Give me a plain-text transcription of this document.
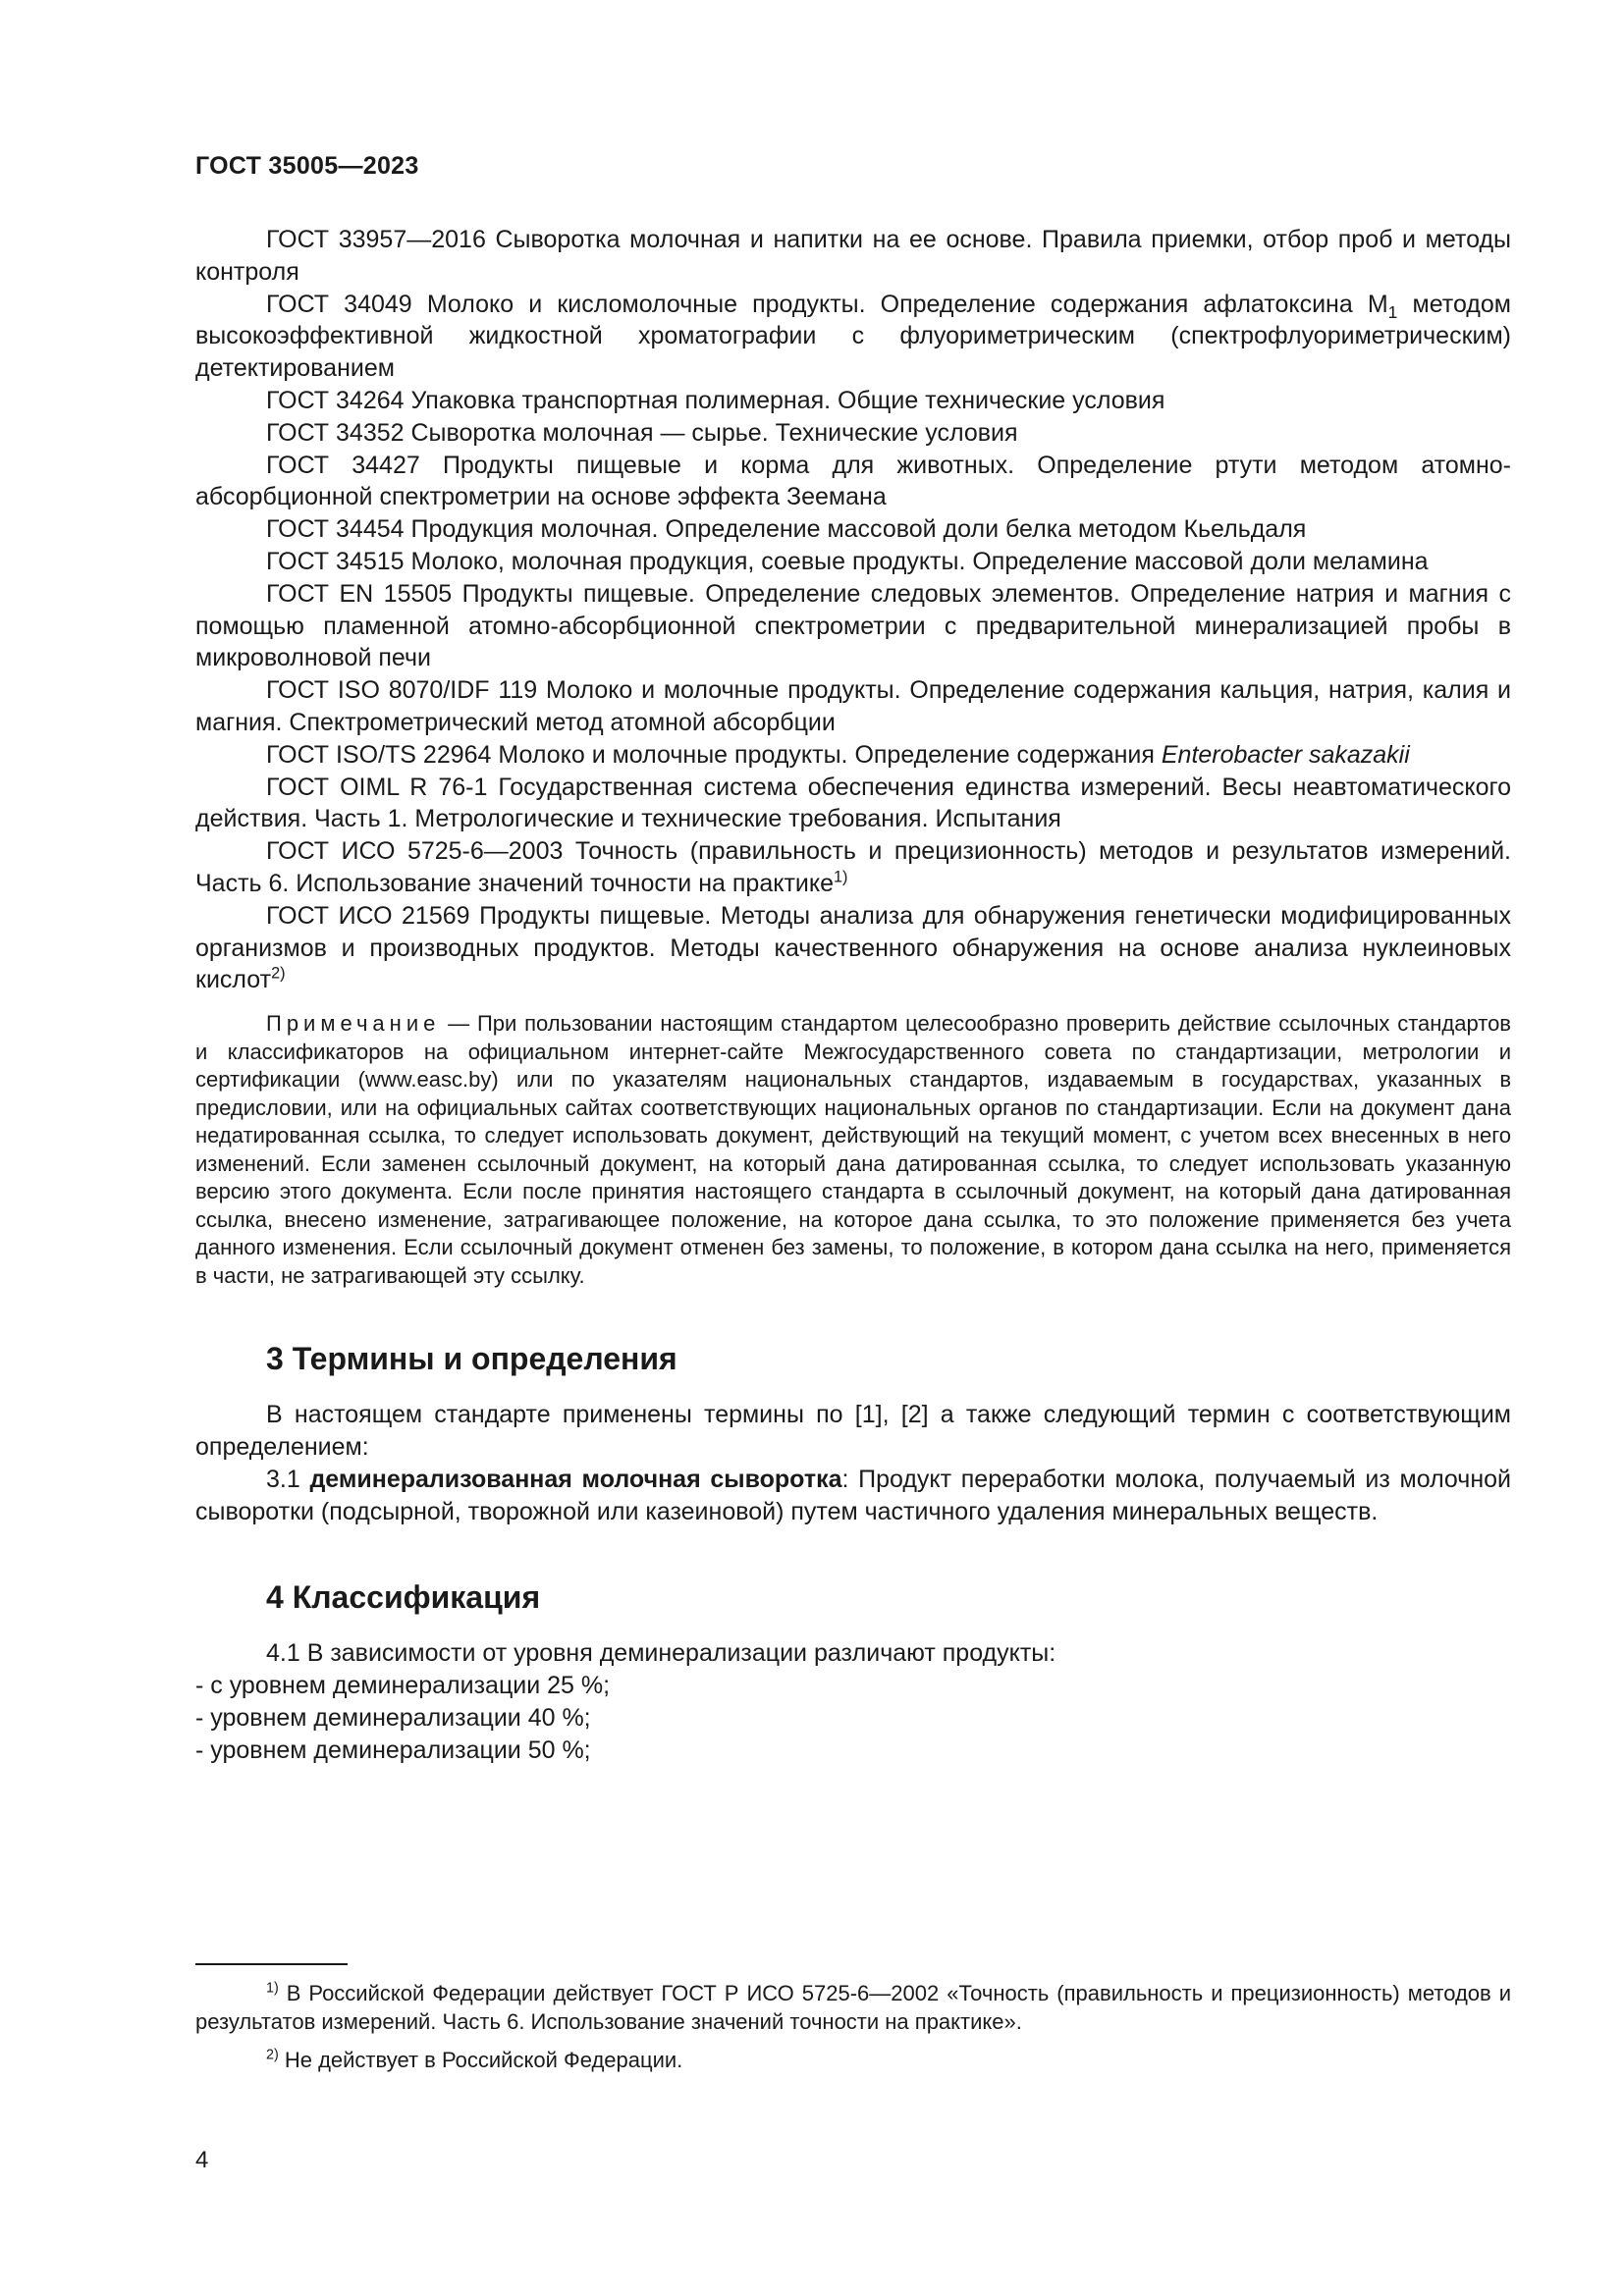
ГОСТ 35005—2023

ГОСТ 33957—2016 Сыворотка молочная и напитки на ее основе. Правила приемки, отбор проб и методы контроля

ГОСТ 34049 Молоко и кисломолочные продукты. Определение содержания афлатоксина $M_1$ методом высокоэффективной жидкостной хроматографии с флуориметрическим (спектрофлуориметрическим) детектированием

ГОСТ 34264 Упаковка транспортная полимерная. Общие технические условия

ГОСТ 34352 Сыворотка молочная — сырье. Технические условия

ГОСТ 34427 Продукты пищевые и корма для животных. Определение ртути методом атомно-абсорбционной спектрометрии на основе эффекта Зеемана

ГОСТ 34454 Продукция молочная. Определение массовой доли белка методом Кьельдаля

ГОСТ 34515 Молоко, молочная продукция, соевые продукты. Определение массовой доли меламина

ГОСТ EN 15505 Продукты пищевые. Определение следовых элементов. Определение натрия и магния с помощью пламенной атомно-абсорбционной спектрометрии с предварительной минерализацией пробы в микроволновой печи

ГОСТ ISO 8070/IDF 119 Молоко и молочные продукты. Определение содержания кальция, натрия, калия и магния. Спектрометрический метод атомной абсорбции

ГОСТ ISO/TS 22964 Молоко и молочные продукты. Определение содержания Enterobacter sakazakii

ГОСТ OIML R 76-1 Государственная система обеспечения единства измерений. Весы неавтоматического действия. Часть 1. Метрологические и технические требования. Испытания

ГОСТ ИСО 5725-6—2003 Точность (правильность и прецизионность) методов и результатов измерений. Часть 6. Использование значений точности на практике$^{1)}$

ГОСТ ИСО 21569 Продукты пищевые. Методы анализа для обнаружения генетически модифицированных организмов и производных продуктов. Методы качественного обнаружения на основе анализа нуклеиновых кислот$^{2)}$

Примечание — При пользовании настоящим стандартом целесообразно проверить действие ссылочных стандартов и классификаторов на официальном интернет-сайте Межгосударственного совета по стандартизации, метрологии и сертификации (www.easc.by) или по указателям национальных стандартов, издаваемым в государствах, указанных в предисловии, или на официальных сайтах соответствующих национальных органов по стандартизации. Если на документ дана недатированная ссылка, то следует использовать документ, действующий на текущий момент, с учетом всех внесенных в него изменений. Если заменен ссылочный документ, на который дана датированная ссылка, то следует использовать указанную версию этого документа. Если после принятия настоящего стандарта в ссылочный документ, на который дана датированная ссылка, внесено изменение, затрагивающее положение, на которое дана ссылка, то это положение применяется без учета данного изменения. Если ссылочный документ отменен без замены, то положение, в котором дана ссылка на него, применяется в части, не затрагивающей эту ссылку.

3 Термины и определения

В настоящем стандарте применены термины по [1], [2] а также следующий термин с соответствующим определением:

3.1 деминерализованная молочная сыворотка: Продукт переработки молока, получаемый из молочной сыворотки (подсырной, творожной или казеиновой) путем частичного удаления минеральных веществ.

4 Классификация

4.1 В зависимости от уровня деминерализации различают продукты:

- с уровнем деминерализации 25 %;

- уровнем деминерализации 40 %;

- уровнем деминерализации 50 %;

$^{1)}$ В Российской Федерации действует ГОСТ Р ИСО 5725-6—2002 «Точность (правильность и прецизионность) методов и результатов измерений. Часть 6. Использование значений точности на практике».

$^{2)}$ Не действует в Российской Федерации.

4
